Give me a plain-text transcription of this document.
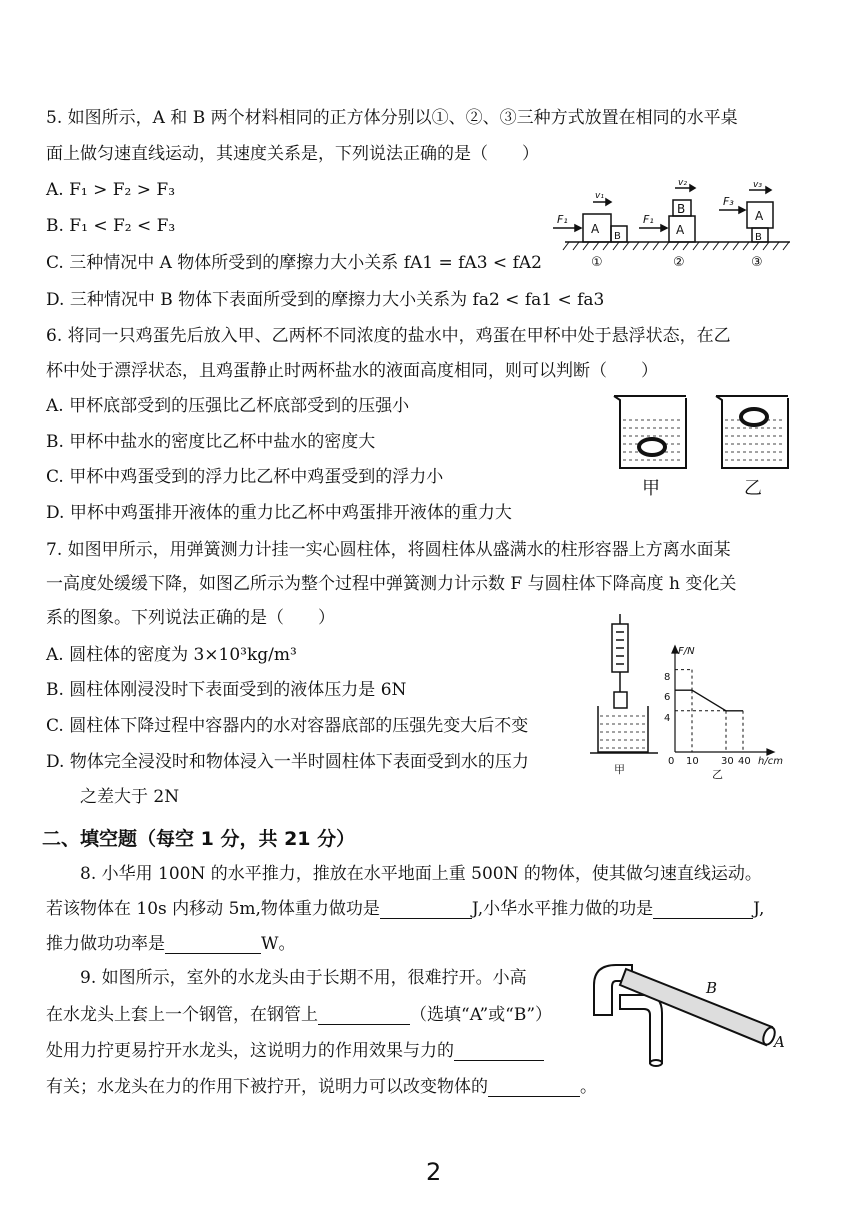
5. 如图所示，A 和 B 两个材料相同的正方体分别以①、②、③三种方式放置在相同的水平桌
面上做匀速直线运动，其速度关系是，下列说法正确的是（　　）
A. F₁ > F₂ > F₃
B. F₁ < F₂ < F₃
C. 三种情况中 A 物体所受到的摩擦力大小关系 fA1 = fA3 < fA2
D. 三种情况中 B 物体下表面所受到的摩擦力大小关系为 fa2 < fa1 < fa3
A
B	A
B	A
B
F₁	F₁
F₃
v₁
v₂	v₃
①	②	③
6. 将同一只鸡蛋先后放入甲、乙两杯不同浓度的盐水中，鸡蛋在甲杯中处于悬浮状态，在乙
杯中处于漂浮状态，且鸡蛋静止时两杯盐水的液面高度相同，则可以判断（　　）
A. 甲杯底部受到的压强比乙杯底部受到的压强小
B. 甲杯中盐水的密度比乙杯中盐水的密度大
C. 甲杯中鸡蛋受到的浮力比乙杯中鸡蛋受到的浮力小
D. 甲杯中鸡蛋排开液体的重力比乙杯中鸡蛋排开液体的重力大
甲	乙
7. 如图甲所示，用弹簧测力计挂一实心圆柱体，将圆柱体从盛满水的柱形容器上方离水面某
一高度处缓缓下降，如图乙所示为整个过程中弹簧测力计示数 F 与圆柱体下降高度 h 变化关
系的图象。下列说法正确的是（　　）
A. 圆柱体的密度为 3×10³kg/m³
B. 圆柱体刚浸没时下表面受到的液体压力是 6N
C. 圆柱体下降过程中容器内的水对容器底部的压强先变大后不变
D. 物体完全浸没时和物体浸入一半时圆柱体下表面受到水的压力
之差大于 2N
甲
F/N
h/cm
8
6
4
0 10 30 40
乙
二、填空题（每空 1 分，共 21 分）
8. 小华用 100N 的水平推力，推放在水平地面上重 500N 的物体，使其做匀速直线运动。
若该物体在 10s 内移动 5m,物体重力做功是	J,小华水平推力做的功是	J,
推力做功功率是	W。
9. 如图所示，室外的水龙头由于长期不用，很难拧开。小高
在水龙头上套上一个钢管，在钢管上	（选填“A”或“B”）
处用力拧更易拧开水龙头，这说明力的作用效果与力的
有关；水龙头在力的作用下被拧开，说明力可以改变物体的	。
B
A
2
